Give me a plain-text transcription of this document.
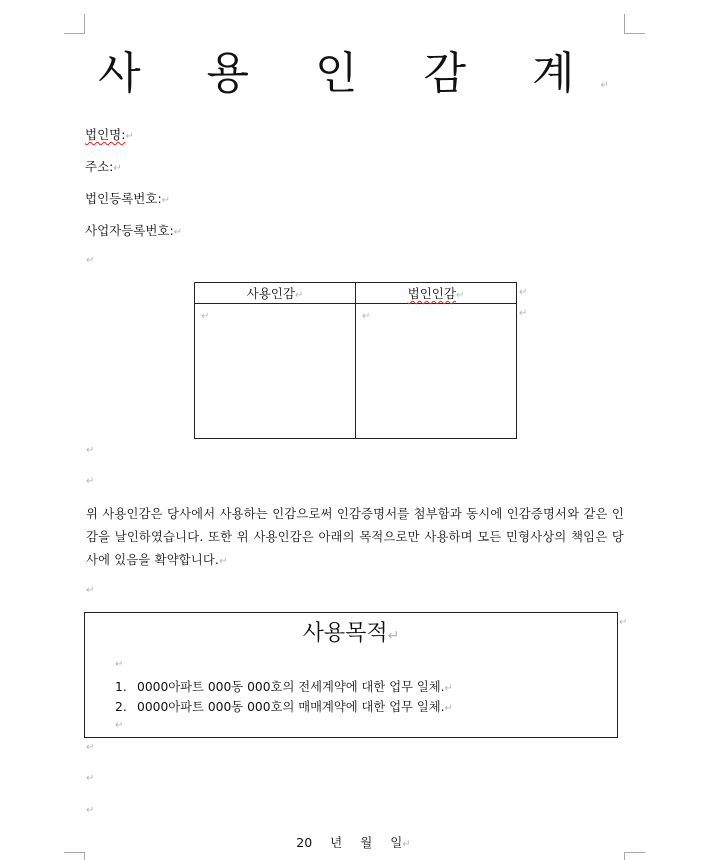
사 용 인 감 계↵
법인명:↵
주소:↵
법인등록번호:↵
사업자등록번호:↵
↵
사용인감↵	법인인감↵
↵	↵
↵
↵
↵
↵
위 사용인감은 당사에서 사용하는 인감으로써 인감증명서를 첨부함과 동시에 인감증명서와 같은 인감을 날인하였습니다. 또한 위 사용인감은 아래의 목적으로만 사용하며 모든 민형사상의 책임은 당사에 있음을 확약합니다.↵
↵
사용목적↵
↵
1. 0000아파트 000동 000호의 전세계약에 대한 업무 일체.↵
2. 0000아파트 000동 000호의 매매계약에 대한 업무 일체.↵
↵
↵
↵
↵
↵
20 년 월 일↵
